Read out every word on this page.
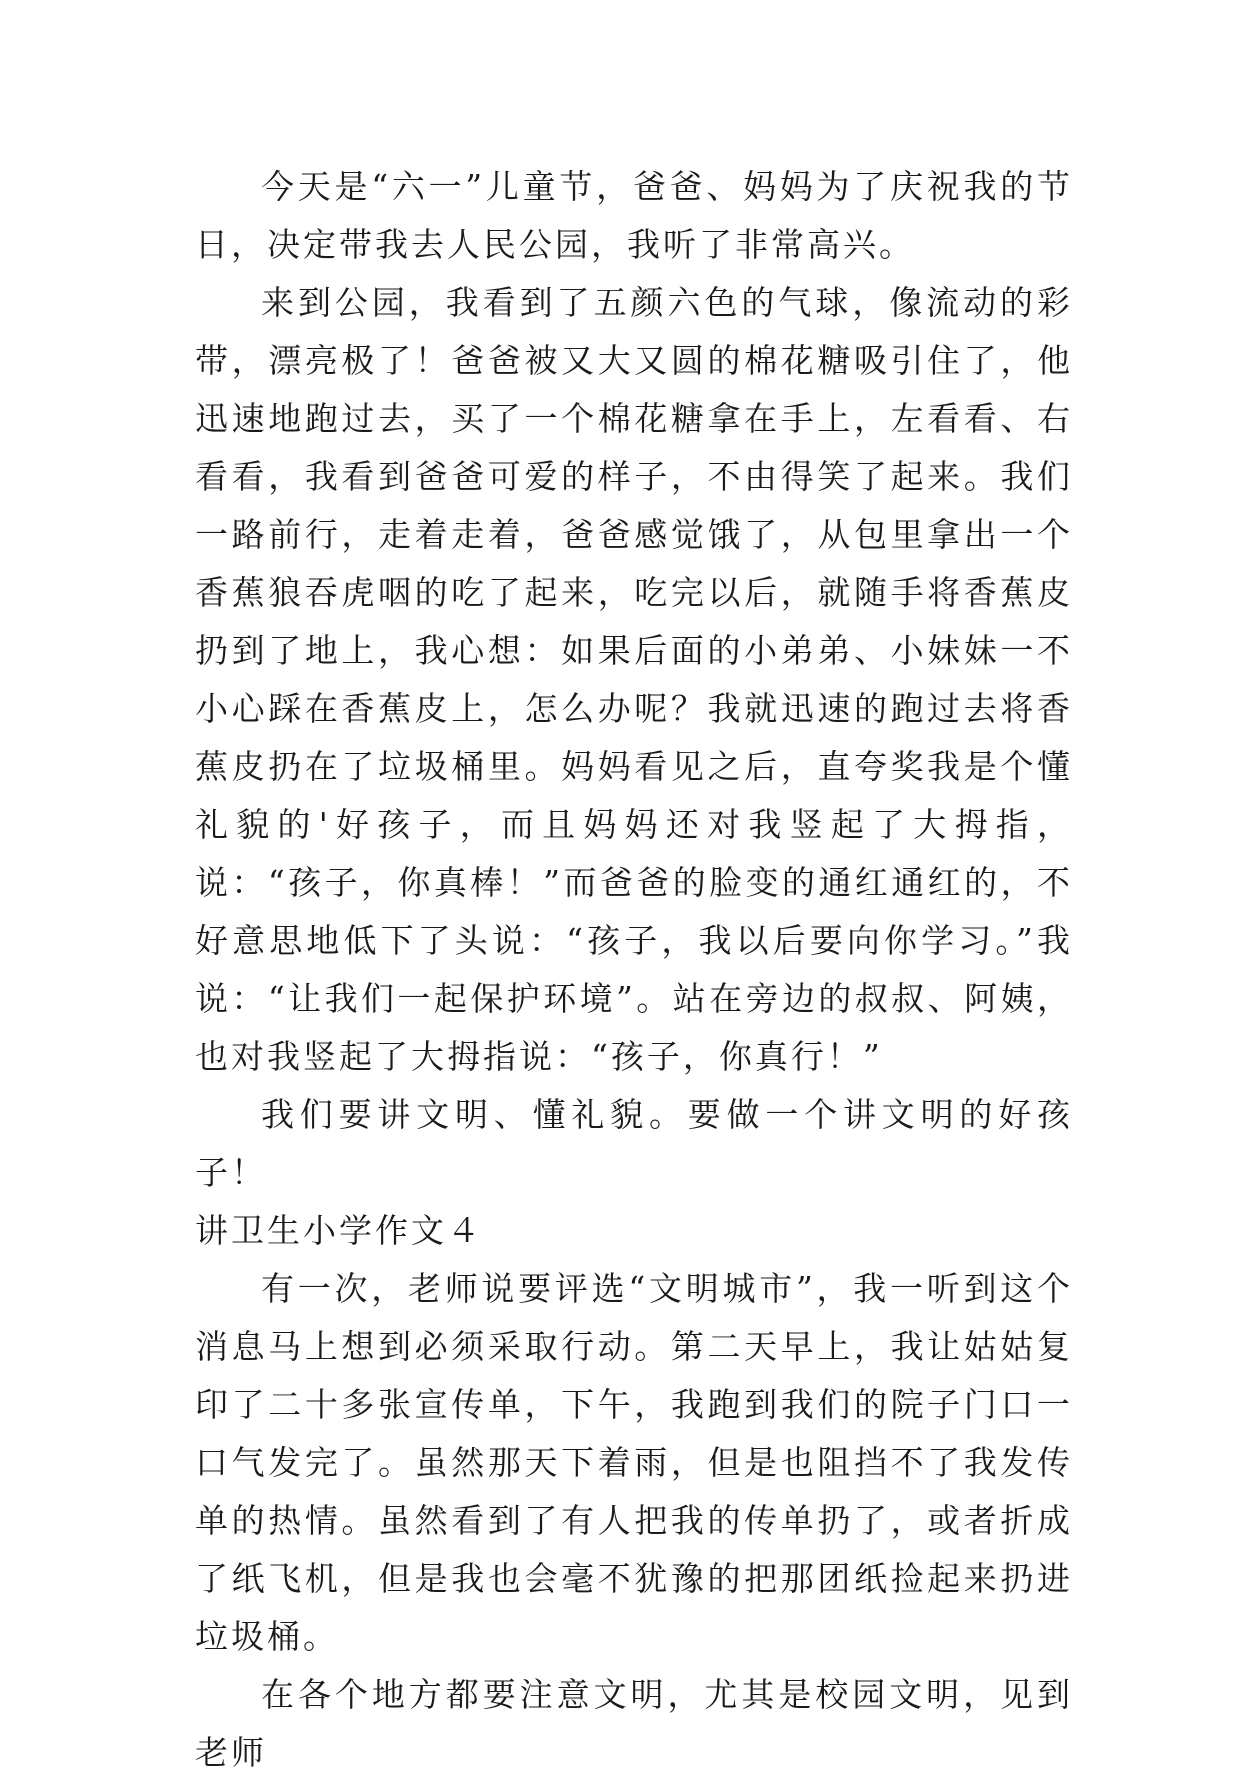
今天是“六一”儿童节，爸爸、妈妈为了庆祝我的节日，决定带我去人民公园，我听了非常高兴。

来到公园，我看到了五颜六色的气球，像流动的彩带，漂亮极了！爸爸被又大又圆的棉花糖吸引住了，他迅速地跑过去，买了一个棉花糖拿在手上，左看看、右看看，我看到爸爸可爱的样子，不由得笑了起来。我们一路前行，走着走着，爸爸感觉饿了，从包里拿出一个香蕉狼吞虎咽的吃了起来，吃完以后，就随手将香蕉皮扔到了地上，我心想：如果后面的小弟弟、小妹妹一不小心踩在香蕉皮上，怎么办呢？我就迅速的跑过去将香蕉皮扔在了垃圾桶里。妈妈看见之后，直夸奖我是个懂礼貌的'好孩子，而且妈妈还对我竖起了大拇指，说：“孩子，你真棒！”而爸爸的脸变的通红通红的，不好意思地低下了头说：“孩子，我以后要向你学习。”我说：“让我们一起保护环境”。站在旁边的叔叔、阿姨，也对我竖起了大拇指说：“孩子，你真行！”

我们要讲文明、懂礼貌。要做一个讲文明的好孩子！

讲卫生小学作文４

有一次，老师说要评选“文明城市”，我一听到这个消息马上想到必须采取行动。第二天早上，我让姑姑复印了二十多张宣传单，下午，我跑到我们的院子门口一口气发完了。虽然那天下着雨，但是也阻挡不了我发传单的热情。虽然看到了有人把我的传单扔了，或者折成了纸飞机，但是我也会毫不犹豫的把那团纸捡起来扔进垃圾桶。

在各个地方都要注意文明，尤其是校园文明，见到老师
